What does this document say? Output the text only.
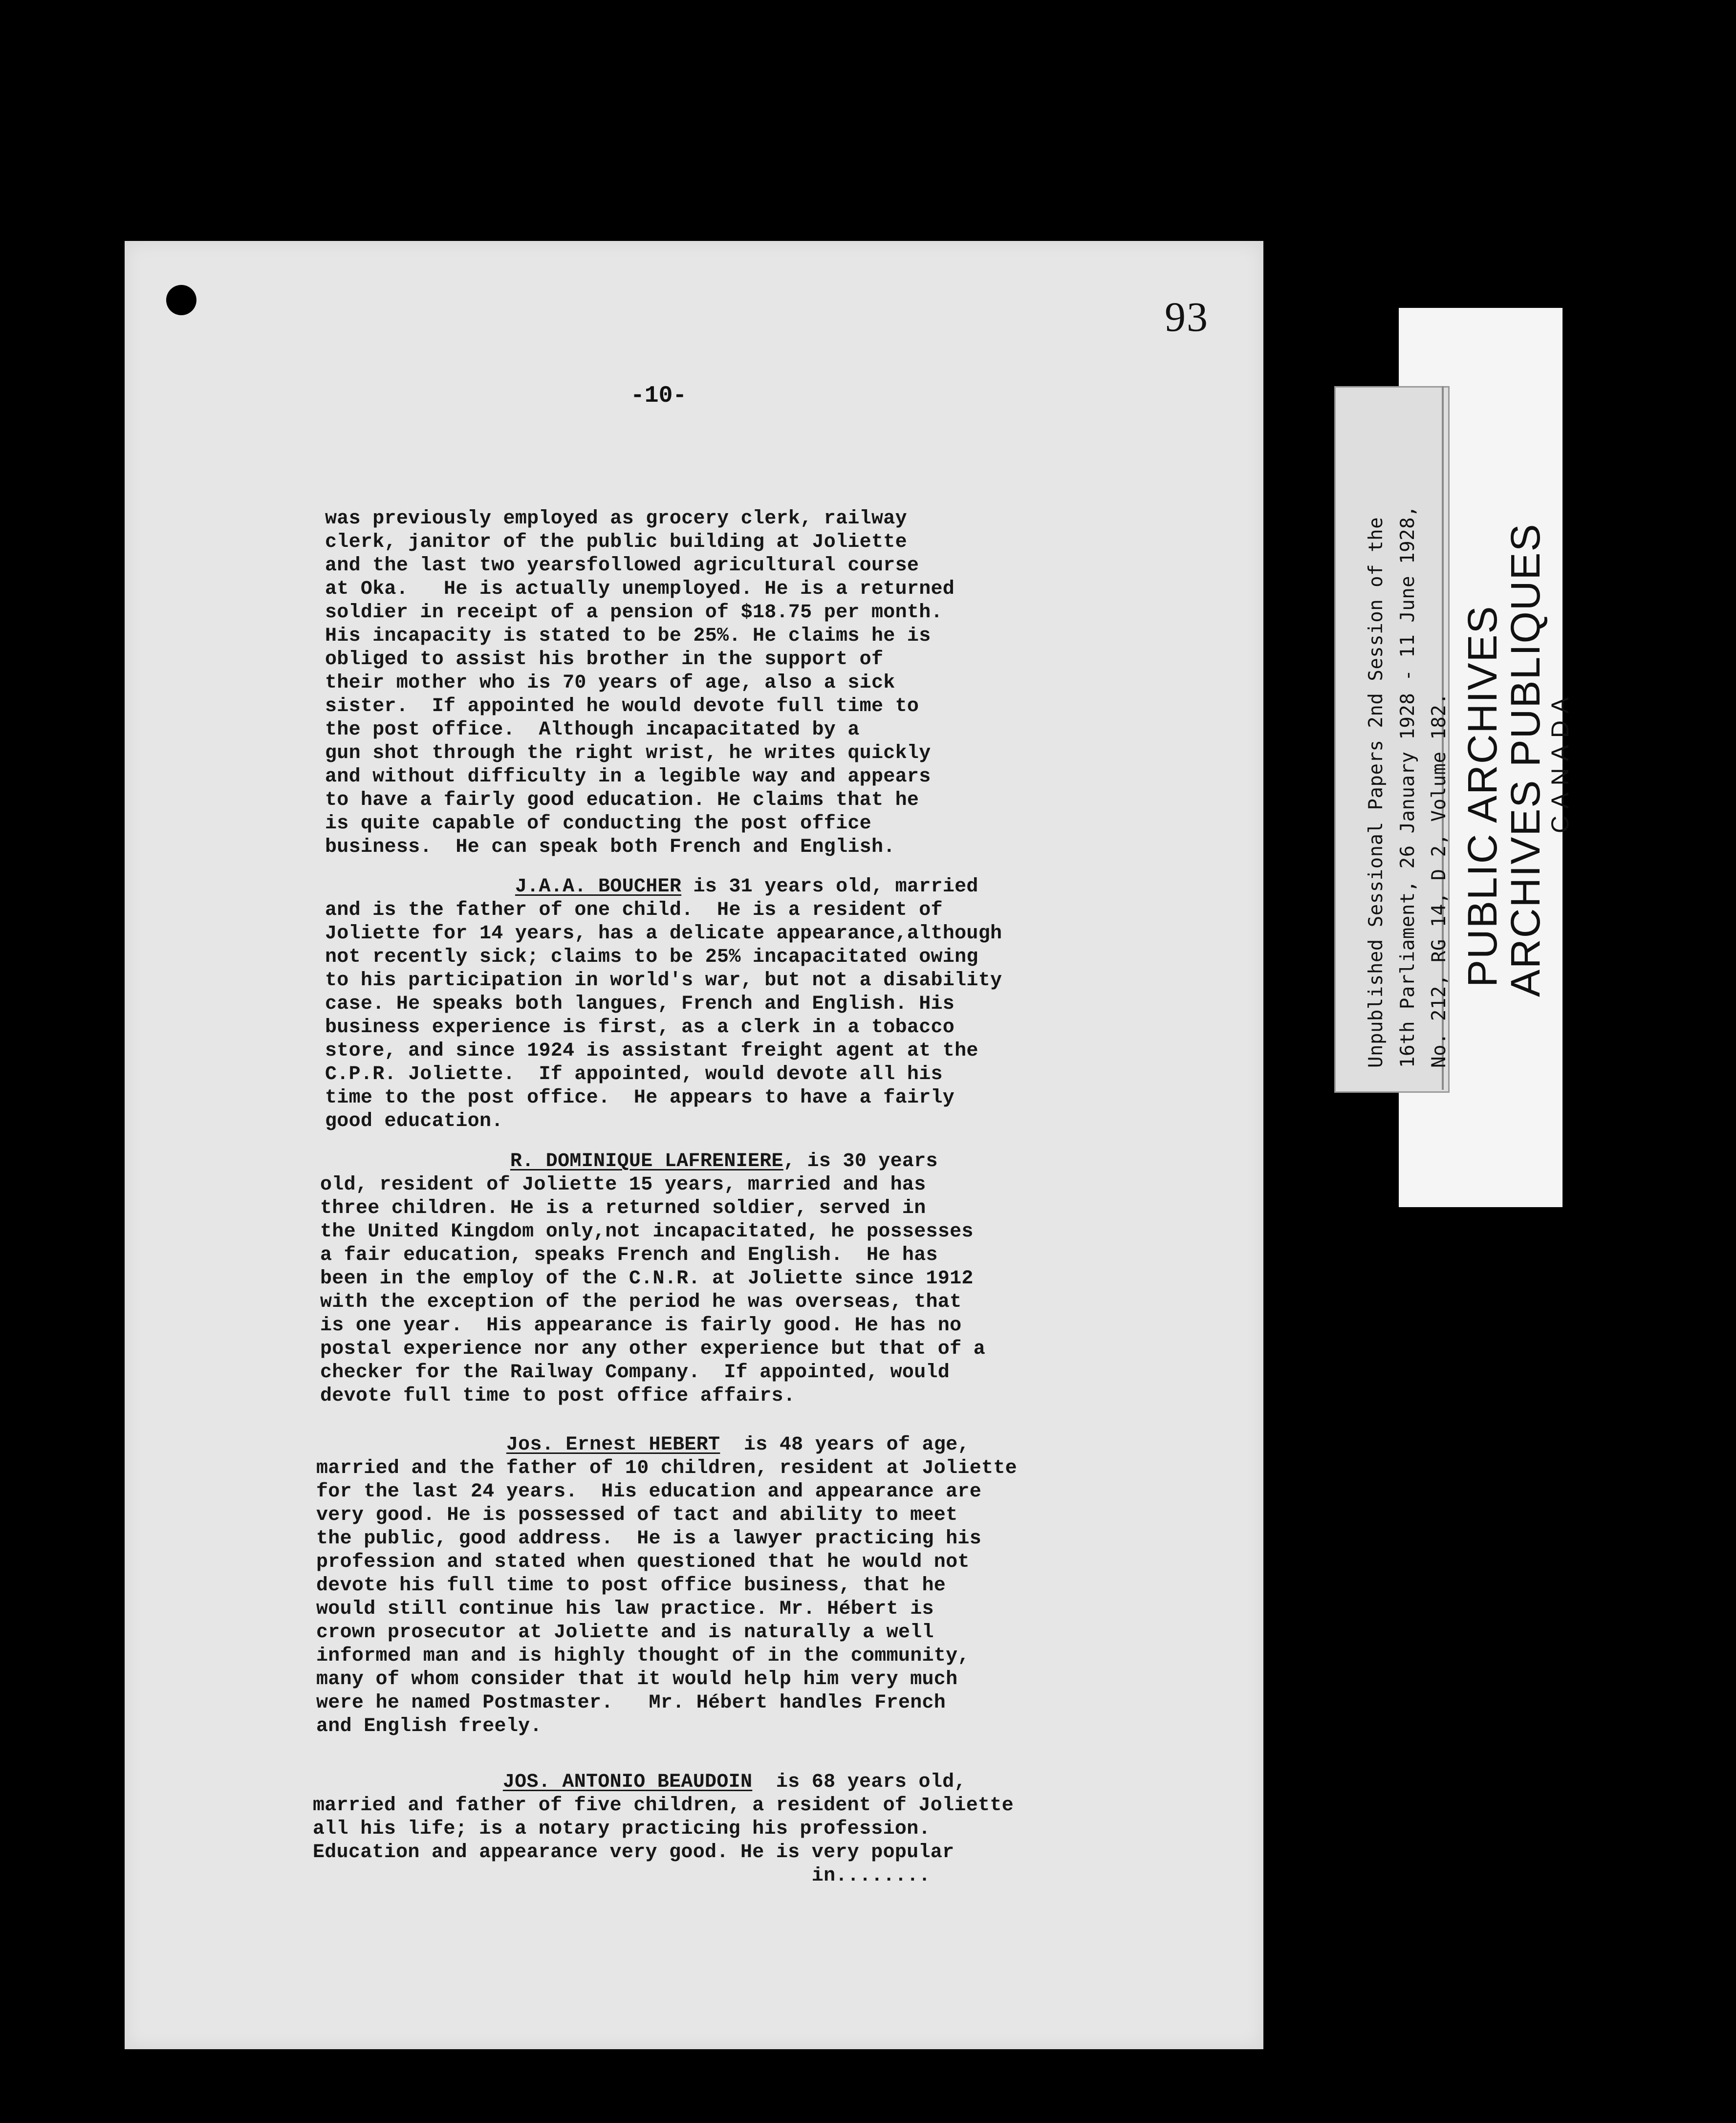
93
-10-

was previously employed as grocery clerk, railway
clerk, janitor of the public building at Joliette
and the last two yearsfollowed agricultural course
at Oka.   He is actually unemployed. He is a returned
soldier in receipt of a pension of $18.75 per month.
His incapacity is stated to be 25%. He claims he is
obliged to assist his brother in the support of
their mother who is 70 years of age, also a sick
sister.  If appointed he would devote full time to
the post office.  Although incapacitated by a
gun shot through the right wrist, he writes quickly
and without difficulty in a legible way and appears
to have a fairly good education. He claims that he
is quite capable of conducting the post office
business.  He can speak both French and English.

J.A.A. BOUCHER is 31 years old, married
and is the father of one child.  He is a resident of
Joliette for 14 years, has a delicate appearance,although
not recently sick; claims to be 25% incapacitated owing
to his participation in world's war, but not a disability
case. He speaks both langues, French and English. His
business experience is first, as a clerk in a tobacco
store, and since 1924 is assistant freight agent at the
C.P.R. Joliette.  If appointed, would devote all his
time to the post office.  He appears to have a fairly
good education.

R. DOMINIQUE LAFRENIERE, is 30 years
old, resident of Joliette 15 years, married and has
three children. He is a returned soldier, served in
the United Kingdom only,not incapacitated, he possesses
a fair education, speaks French and English.  He has
been in the employ of the C.N.R. at Joliette since 1912
with the exception of the period he was overseas, that
is one year.  His appearance is fairly good. He has no
postal experience nor any other experience but that of a
checker for the Railway Company.  If appointed, would
devote full time to post office affairs.

Jos. Ernest HEBERT  is 48 years of age,
married and the father of 10 children, resident at Joliette
for the last 24 years.  His education and appearance are
very good. He is possessed of tact and ability to meet
the public, good address.  He is a lawyer practicing his
profession and stated when questioned that he would not
devote his full time to post office business, that he
would still continue his law practice. Mr. Hébert is
crown prosecutor at Joliette and is naturally a well
informed man and is highly thought of in the community,
many of whom consider that it would help him very much
were he named Postmaster.   Mr. Hébert handles French
and English freely.

JOS. ANTONIO BEAUDOIN  is 68 years old,
married and father of five children, a resident of Joliette
all his life; is a notary practicing his profession.
Education and appearance very good. He is very popular
in........

Unpublished Sessional Papers 2nd Session of the 16th Parliament, 26 January 1928 - 11 June 1928, No. 212, RG 14, D 2, Volume 182. PUBLIC ARCHIVES
ARCHIVES PUBLIQUES
CANADA
